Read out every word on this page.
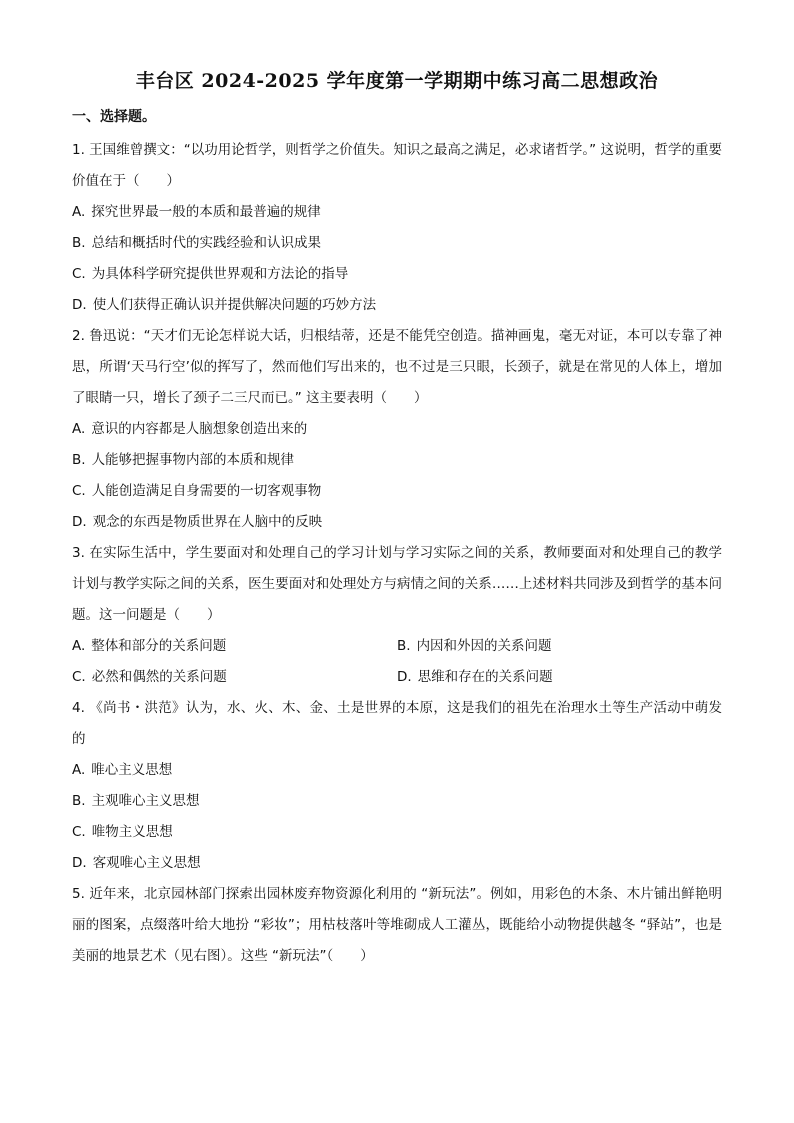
丰台区 2024-2025 学年度第一学期期中练习高二思想政治
一、选择题。
1. 王国维曾撰文：“以功用论哲学，则哲学之价值失。知识之最高之满足，必求诸哲学。” 这说明，哲学的重要价值在于（　　）
A. 探究世界最一般的本质和最普遍的规律
B. 总结和概括时代的实践经验和认识成果
C. 为具体科学研究提供世界观和方法论的指导
D. 使人们获得正确认识并提供解决问题的巧妙方法
2. 鲁迅说：“天才们无论怎样说大话，归根结蒂，还是不能凭空创造。描神画鬼，毫无对证，本可以专靠了神思，所谓‘天马行空’似的挥写了，然而他们写出来的，也不过是三只眼，长颈子，就是在常见的人体上，增加了眼睛一只，增长了颈子二三尺而已。” 这主要表明（　　）
A. 意识的内容都是人脑想象创造出来的
B. 人能够把握事物内部的本质和规律
C. 人能创造满足自身需要的一切客观事物
D. 观念的东西是物质世界在人脑中的反映
3. 在实际生活中，学生要面对和处理自己的学习计划与学习实际之间的关系，教师要面对和处理自己的教学计划与教学实际之间的关系，医生要面对和处理处方与病情之间的关系……上述材料共同涉及到哲学的基本问题。这一问题是（　　）
A. 整体和部分的关系问题	B. 内因和外因的关系问题
C. 必然和偶然的关系问题	D. 思维和存在的关系问题
4. 《尚书・洪范》认为，水、火、木、金、土是世界的本原，这是我们的祖先在治理水土等生产活动中萌发的
A. 唯心主义思想
B. 主观唯心主义思想
C. 唯物主义思想
D. 客观唯心主义思想
5. 近年来，北京园林部门探索出园林废弃物资源化利用的 “新玩法”。例如，用彩色的木条、木片铺出鲜艳明丽的图案，点缀落叶给大地扮 “彩妆”；用枯枝落叶等堆砌成人工灌丛，既能给小动物提供越冬 “驿站”，也是美丽的地景艺术（见右图）。这些 “新玩法”（　　）
